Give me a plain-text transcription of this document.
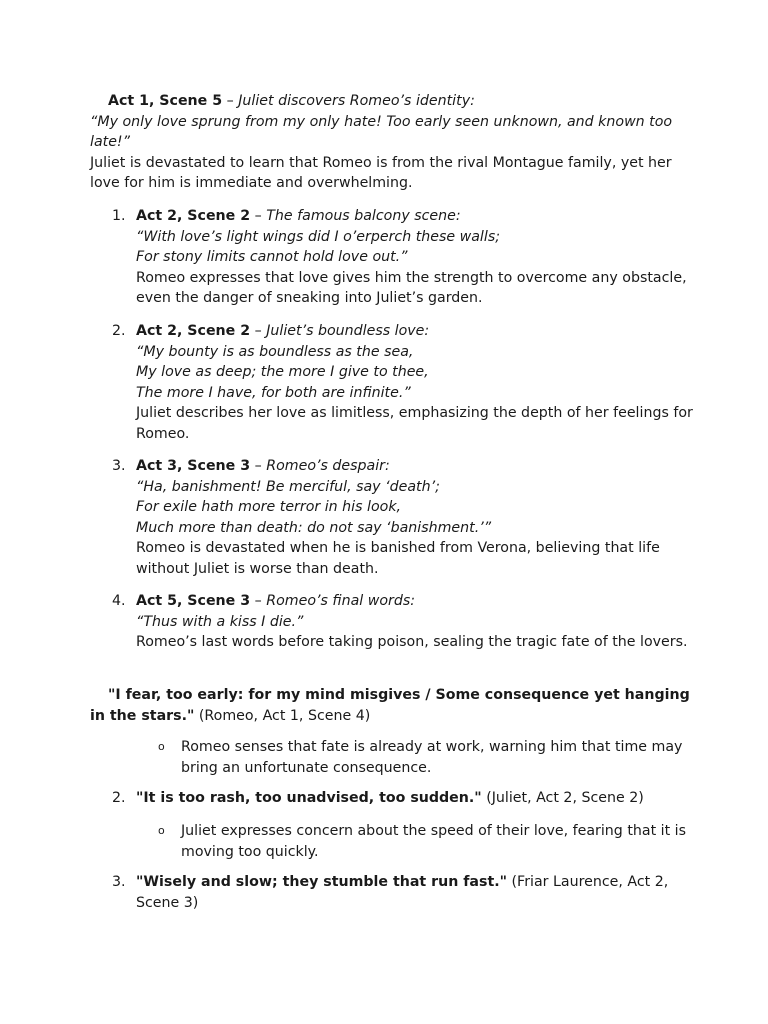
Act 1, Scene 5 – Juliet discovers Romeo’s identity:
“My only love sprung from my only hate! Too early seen unknown, and known too late!”
Juliet is devastated to learn that Romeo is from the rival Montague family, yet her love for him is immediate and overwhelming.
1. Act 2, Scene 2 – The famous balcony scene:
“With love’s light wings did I o’erperch these walls;
For stony limits cannot hold love out.”
Romeo expresses that love gives him the strength to overcome any obstacle, even the danger of sneaking into Juliet’s garden.
2. Act 2, Scene 2 – Juliet’s boundless love:
“My bounty is as boundless as the sea,
My love as deep; the more I give to thee,
The more I have, for both are infinite.”
Juliet describes her love as limitless, emphasizing the depth of her feelings for Romeo.
3. Act 3, Scene 3 – Romeo’s despair:
“Ha, banishment! Be merciful, say ‘death’;
For exile hath more terror in his look,
Much more than death: do not say ‘banishment.’”
Romeo is devastated when he is banished from Verona, believing that life without Juliet is worse than death.
4. Act 5, Scene 3 – Romeo’s final words:
“Thus with a kiss I die.”
Romeo’s last words before taking poison, sealing the tragic fate of the lovers.
"I fear, too early: for my mind misgives / Some consequence yet hanging in the stars." (Romeo, Act 1, Scene 4)
o Romeo senses that fate is already at work, warning him that time may bring an unfortunate consequence.
2. "It is too rash, too unadvised, too sudden." (Juliet, Act 2, Scene 2)
o Juliet expresses concern about the speed of their love, fearing that it is moving too quickly.
3. "Wisely and slow; they stumble that run fast." (Friar Laurence, Act 2, Scene 3)
